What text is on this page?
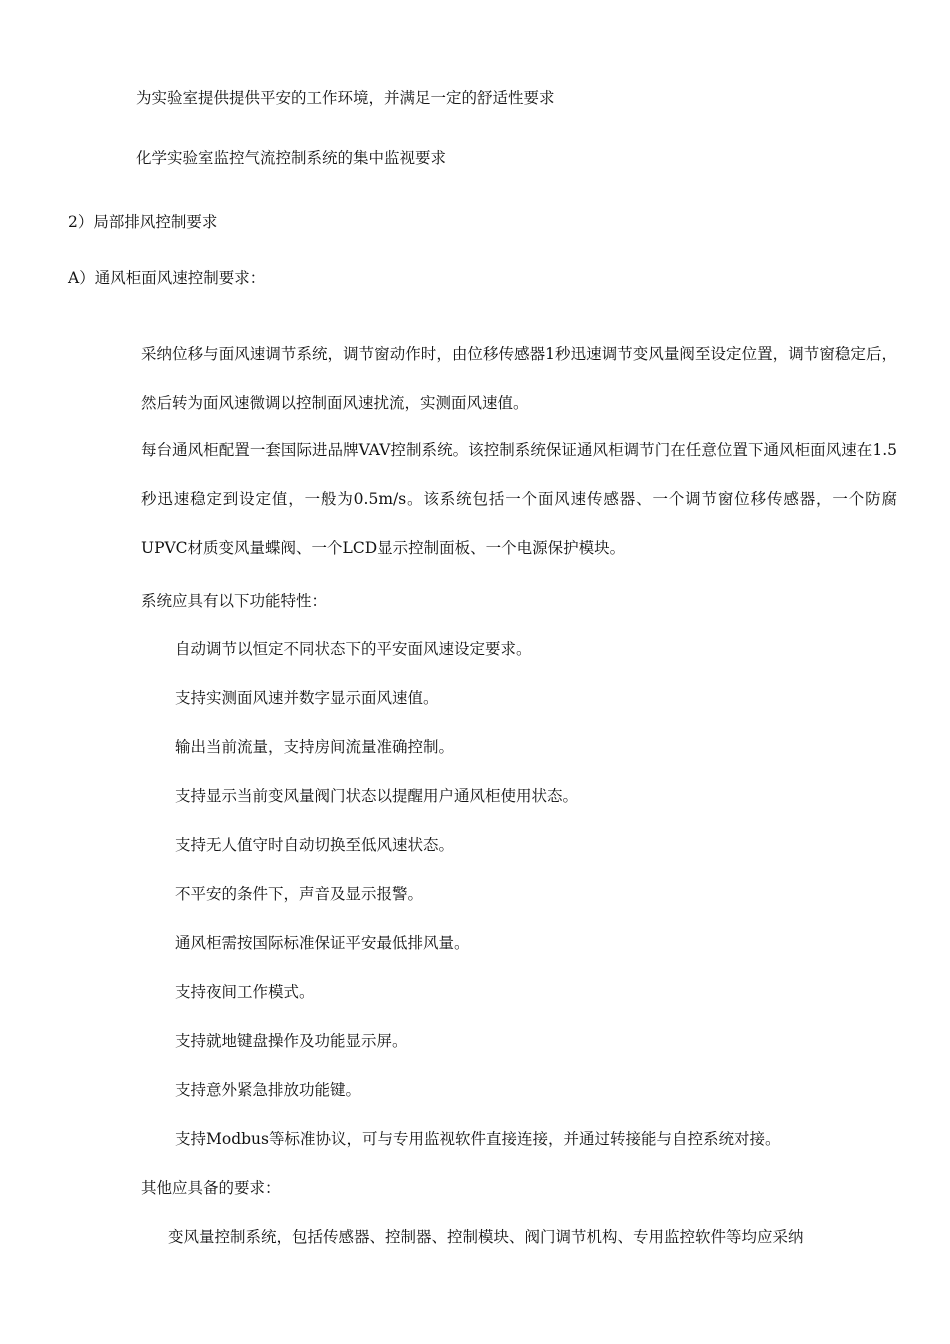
为实验室提供提供平安的工作环境，并满足一定的舒适性要求
化学实验室监控气流控制系统的集中监视要求
2）局部排风控制要求
A）通风柜面风速控制要求：
采纳位移与面风速调节系统，调节窗动作时，由位移传感器1秒迅速调节变风量阀至设定位置，调节窗稳定后，然后转为面风速微调以控制面风速扰流，实测面风速值。
每台通风柜配置一套国际进品牌VAV控制系统。该控制系统保证通风柜调节门在任意位置下通风柜面风速在1.5秒迅速稳定到设定值，一般为0.5m/s。该系统包括一个面风速传感器、一个调节窗位移传感器，一个防腐UPVC材质变风量蝶阀、一个LCD显示控制面板、一个电源保护模块。
系统应具有以下功能特性：
自动调节以恒定不同状态下的平安面风速设定要求。
支持实测面风速并数字显示面风速值。
输出当前流量，支持房间流量准确控制。
支持显示当前变风量阀门状态以提醒用户通风柜使用状态。
支持无人值守时自动切换至低风速状态。
不平安的条件下，声音及显示报警。
通风柜需按国际标准保证平安最低排风量。
支持夜间工作模式。
支持就地键盘操作及功能显示屏。
支持意外紧急排放功能键。
支持Modbus等标准协议，可与专用监视软件直接连接，并通过转接能与自控系统对接。
其他应具备的要求：
变风量控制系统，包括传感器、控制器、控制模块、阀门调节机构、专用监控软件等均应采纳
